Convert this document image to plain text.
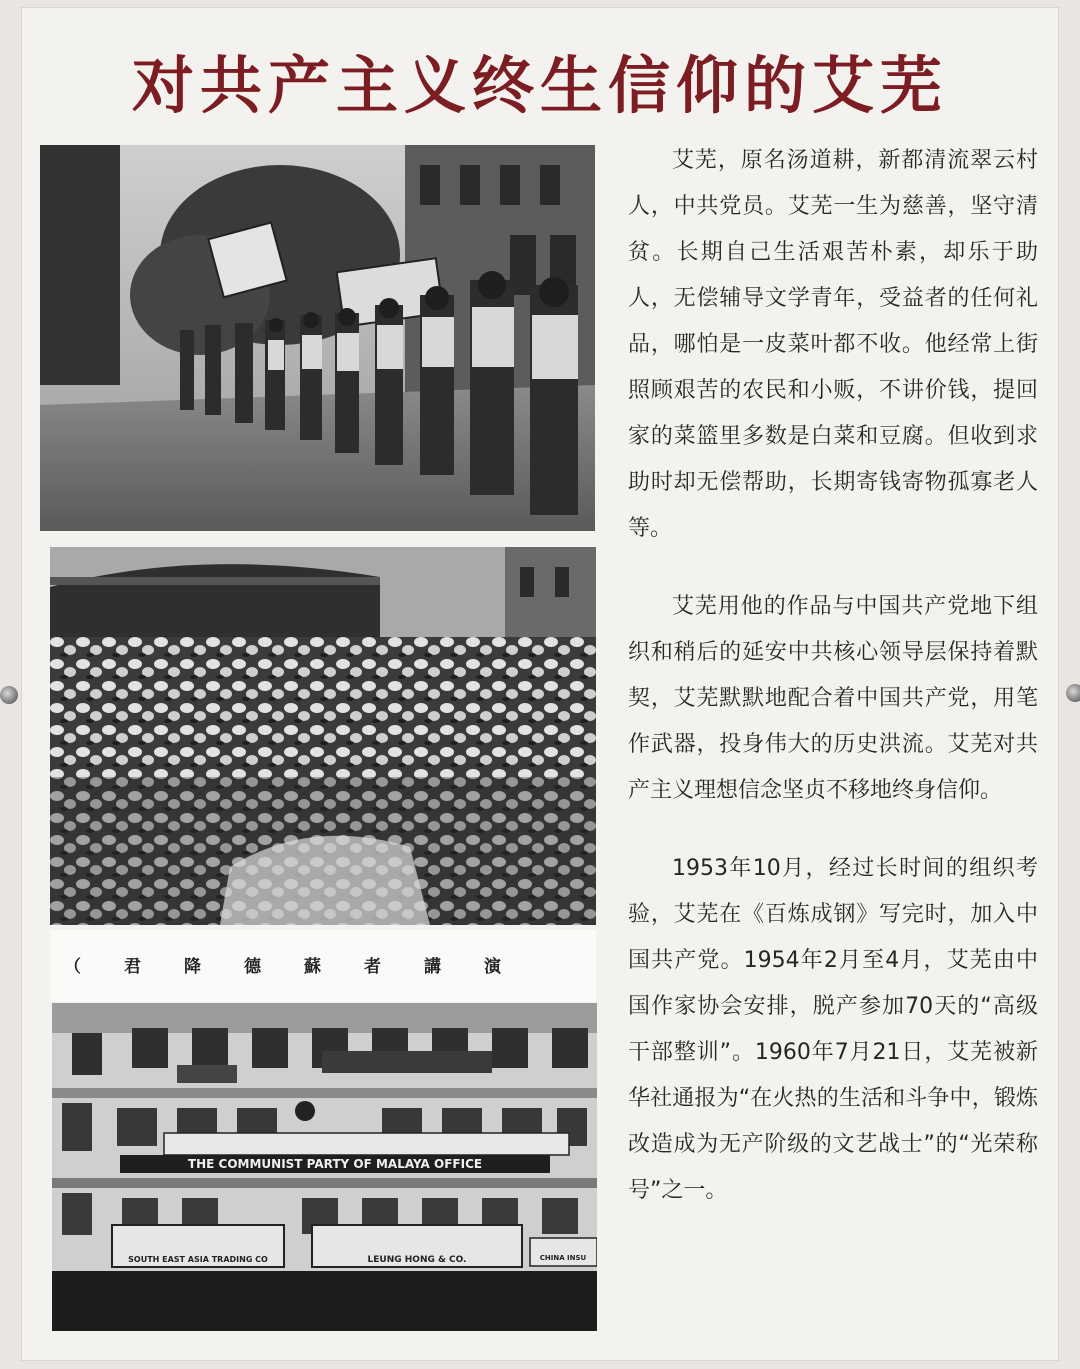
对共产主义终生信仰的艾芜
（君降德蘇者講演
THE COMMUNIST PARTY OF MALAYA OFFICE
SOUTH EAST ASIA TRADING CO	LEUNG HONG & CO.	CHINA INSU

艾芜，原名汤道耕，新都清流翠云村人，中共党员。艾芜一生为慈善，坚守清贫。长期自己生活艰苦朴素，却乐于助人，无偿辅导文学青年，受益者的任何礼品，哪怕是一皮菜叶都不收。他经常上街照顾艰苦的农民和小贩，不讲价钱，提回家的菜篮里多数是白菜和豆腐。但收到求助时却无偿帮助，长期寄钱寄物孤寡老人等。

艾芜用他的作品与中国共产党地下组织和稍后的延安中共核心领导层保持着默契，艾芜默默地配合着中国共产党，用笔作武器，投身伟大的历史洪流。艾芜对共产主义理想信念坚贞不移地终身信仰。

1953年10月，经过长时间的组织考验，艾芜在《百炼成钢》写完时，加入中国共产党。1954年2月至4月，艾芜由中国作家协会安排，脱产参加70天的“高级干部整训”。1960年7月21日，艾芜被新华社通报为“在火热的生活和斗争中，锻炼改造成为无产阶级的文艺战士”的“光荣称号”之一。
